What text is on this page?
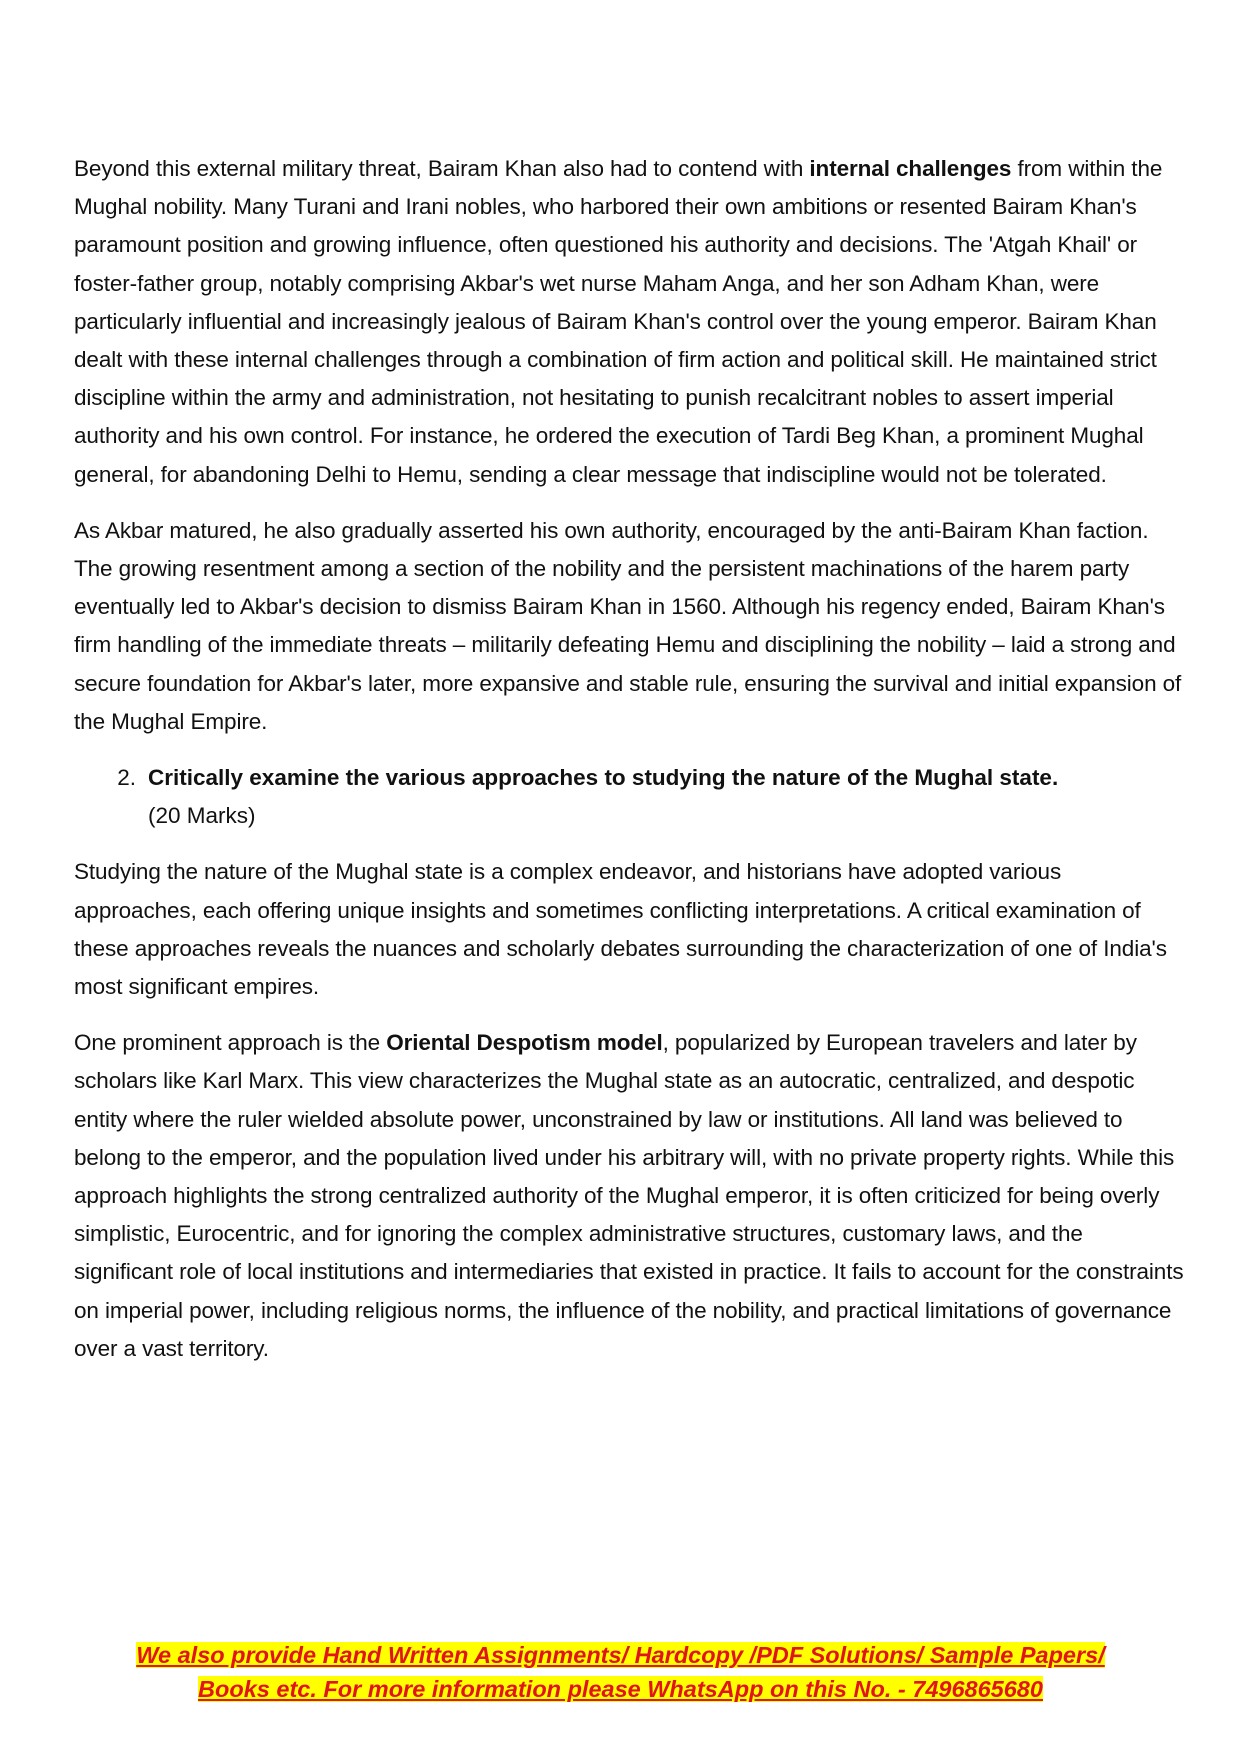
Beyond this external military threat, Bairam Khan also had to contend with internal challenges from within the Mughal nobility. Many Turani and Irani nobles, who harbored their own ambitions or resented Bairam Khan's paramount position and growing influence, often questioned his authority and decisions. The 'Atgah Khail' or foster-father group, notably comprising Akbar's wet nurse Maham Anga, and her son Adham Khan, were particularly influential and increasingly jealous of Bairam Khan's control over the young emperor. Bairam Khan dealt with these internal challenges through a combination of firm action and political skill. He maintained strict discipline within the army and administration, not hesitating to punish recalcitrant nobles to assert imperial authority and his own control. For instance, he ordered the execution of Tardi Beg Khan, a prominent Mughal general, for abandoning Delhi to Hemu, sending a clear message that indiscipline would not be tolerated.

As Akbar matured, he also gradually asserted his own authority, encouraged by the anti-Bairam Khan faction. The growing resentment among a section of the nobility and the persistent machinations of the harem party eventually led to Akbar's decision to dismiss Bairam Khan in 1560. Although his regency ended, Bairam Khan's firm handling of the immediate threats – militarily defeating Hemu and disciplining the nobility – laid a strong and secure foundation for Akbar's later, more expansive and stable rule, ensuring the survival and initial expansion of the Mughal Empire.

2. Critically examine the various approaches to studying the nature of the Mughal state.
(20 Marks)

Studying the nature of the Mughal state is a complex endeavor, and historians have adopted various approaches, each offering unique insights and sometimes conflicting interpretations. A critical examination of these approaches reveals the nuances and scholarly debates surrounding the characterization of one of India's most significant empires.

One prominent approach is the Oriental Despotism model, popularized by European travelers and later by scholars like Karl Marx. This view characterizes the Mughal state as an autocratic, centralized, and despotic entity where the ruler wielded absolute power, unconstrained by law or institutions. All land was believed to belong to the emperor, and the population lived under his arbitrary will, with no private property rights. While this approach highlights the strong centralized authority of the Mughal emperor, it is often criticized for being overly simplistic, Eurocentric, and for ignoring the complex administrative structures, customary laws, and the significant role of local institutions and intermediaries that existed in practice. It fails to account for the constraints on imperial power, including religious norms, the influence of the nobility, and practical limitations of governance over a vast territory.

We also provide Hand Written Assignments/ Hardcopy /PDF Solutions/ Sample Papers/
Books etc. For more information please WhatsApp on this No. - 7496865680
